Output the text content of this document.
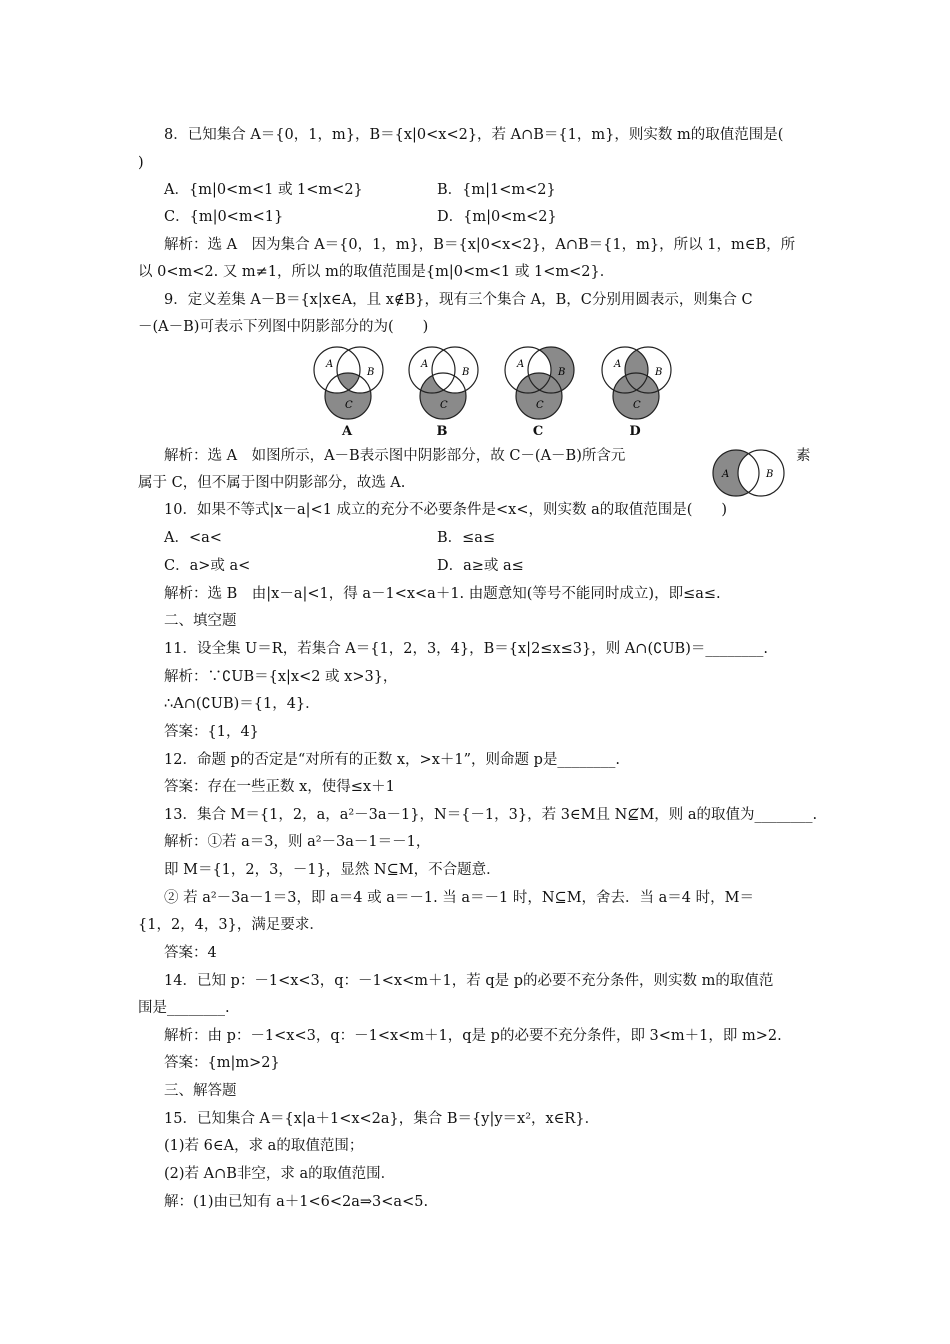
8．已知集合 A＝{0，1，m}，B＝{x|0<x<2}，若 A∩B＝{1，m}，则实数 m的取值范围是(
)
A．{m|0<m<1 或 1<m<2}	B．{m|1<m<2}
C．{m|0<m<1}	D．{m|0<m<2}
解析：选 A　因为集合 A＝{0，1，m}，B＝{x|0<x<2}，A∩B＝{1，m}，所以 1，m∈B，所
以 0<m<2. 又 m≠1，所以 m的取值范围是{m|0<m<1 或 1<m<2}．
9．定义差集 A－B＝{x|x∈A，且 x∉B}，现有三个集合 A，B，C分别用圆表示，则集合 C
－(A－B)可表示下列图中阴影部分的为(　　)
A
B
C
A
B
C
A
B
C
A
B
C
A	B	C	D
解析：选 A　如图所示，A－B表示图中阴影部分，故 C－(A－B)所含元	素
属于 C，但不属于图中阴影部分，故选 A.
A	B
10．如果不等式|x－a|<1 成立的充分不必要条件是<x<，则实数 a的取值范围是(　　)
A．<a<	B．≤a≤
C．a>或 a<	D．a≥或 a≤
解析：选 B　由|x－a|<1，得 a－1<x<a＋1. 由题意知(等号不能同时成立)，即≤a≤.
二、填空题
11．设全集 U＝R，若集合 A＝{1，2，3，4}，B＝{x|2≤x≤3}，则 A∩(∁UB)＝________.
解析：∵∁UB＝{x|x<2 或 x>3}，
∴A∩(∁UB)＝{1，4}．
答案：{1，4}
12．命题 p的否定是“对所有的正数 x，>x＋1”，则命题 p是________.
答案：存在一些正数 x，使得≤x＋1
13．集合 M＝{1，2，a，a²－3a－1}，N＝{－1，3}，若 3∈M且 N⊈M，则 a的取值为________.
解析：①若 a＝3，则 a²－3a－1＝－1，
即 M＝{1，2，3，－1}，显然 N⊆M，不合题意．
② 若 a²－3a－1＝3，即 a＝4 或 a＝－1. 当 a＝－1 时，N⊆M，舍去．当 a＝4 时，M＝
{1，2，4，3}，满足要求．
答案：4
14．已知 p：－1<x<3，q：－1<x<m＋1，若 q是 p的必要不充分条件，则实数 m的取值范
围是________.
解析：由 p：－1<x<3，q：－1<x<m＋1，q是 p的必要不充分条件，即 3<m＋1，即 m>2.
答案：{m|m>2}
三、解答题
15．已知集合 A＝{x|a＋1<x<2a}，集合 B＝{y|y＝x²，x∈R}．
(1)若 6∈A，求 a的取值范围；
(2)若 A∩B非空，求 a的取值范围．
解：(1)由已知有 a＋1<6<2a⇒3<a<5.
